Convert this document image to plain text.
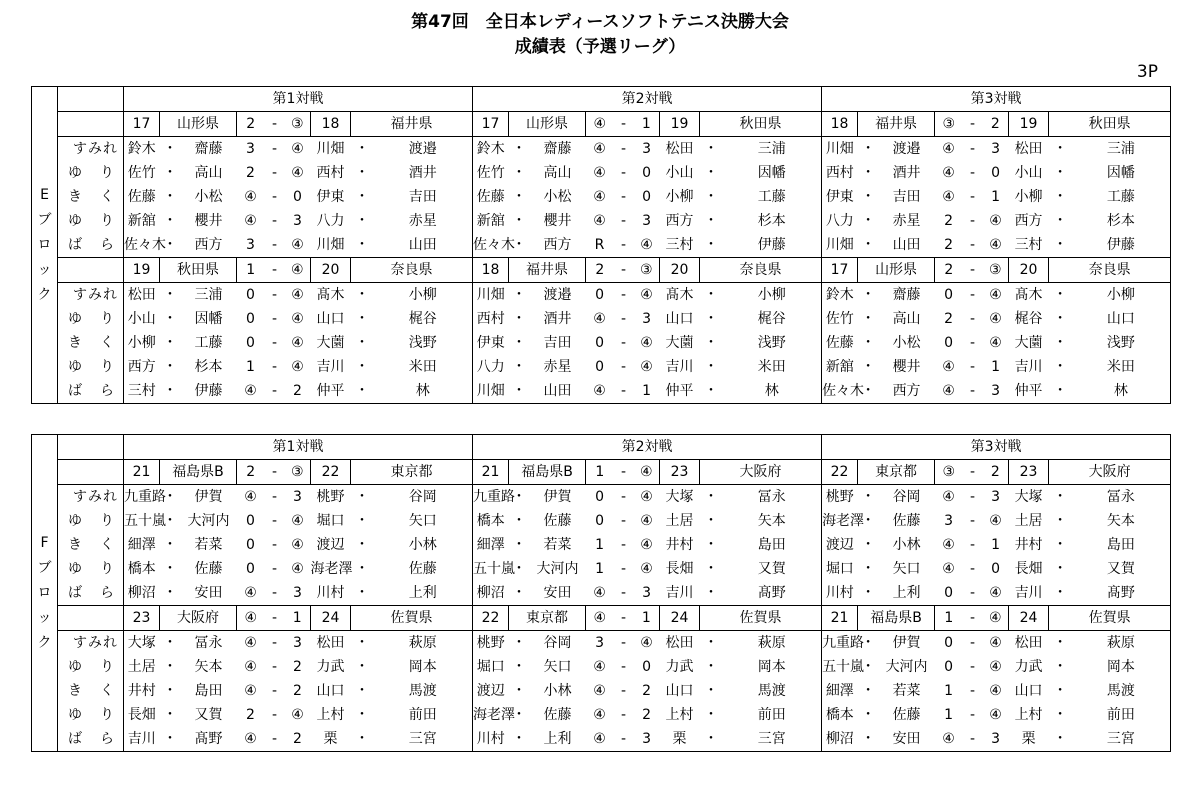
第47回　全日本レディースソフトテニス決勝大会
成績表（予選リーグ）
3P
E
ブ
ロ
ッ
ク		第1対戦									第2対戦									第3対戦								
		17	山形県		2	-	③	18	福井県		17	山形県		④	-	1	19	秋田県		18	福井県		③	-	2	19	秋田県	
	すみれ	鈴木	・	齋藤	3	-	④	川畑	・	渡邉	鈴木	・	齋藤	④	-	3	松田	・	三浦	川畑	・	渡邉	④	-	3	松田	・	三浦
	ゆ り	佐竹	・	高山	2	-	④	西村	・	酒井	佐竹	・	高山	④	-	0	小山	・	因幡	西村	・	酒井	④	-	0	小山	・	因幡
	き く	佐藤	・	小松	④	-	0	伊東	・	吉田	佐藤	・	小松	④	-	0	小柳	・	工藤	伊東	・	吉田	④	-	1	小柳	・	工藤
	ゆ り	新舘	・	櫻井	④	-	3	八力	・	赤星	新舘	・	櫻井	④	-	3	西方	・	杉本	八力	・	赤星	2	-	④	西方	・	杉本
	ば ら	佐々木	・	西方	3	-	④	川畑	・	山田	佐々木	・	西方	R	-	④	三村	・	伊藤	川畑	・	山田	2	-	④	三村	・	伊藤
		19	秋田県		1	-	④	20	奈良県		18	福井県		2	-	③	20	奈良県		17	山形県		2	-	③	20	奈良県	
	すみれ	松田	・	三浦	0	-	④	髙木	・	小柳	川畑	・	渡邉	0	-	④	髙木	・	小柳	鈴木	・	齋藤	0	-	④	髙木	・	小柳
	ゆ り	小山	・	因幡	0	-	④	山口	・	梶谷	西村	・	酒井	④	-	3	山口	・	梶谷	佐竹	・	高山	2	-	④	梶谷	・	山口
	き く	小柳	・	工藤	0	-	④	大薗	・	浅野	伊東	・	吉田	0	-	④	大薗	・	浅野	佐藤	・	小松	0	-	④	大薗	・	浅野
	ゆ り	西方	・	杉本	1	-	④	吉川	・	米田	八力	・	赤星	0	-	④	吉川	・	米田	新舘	・	櫻井	④	-	1	吉川	・	米田
	ば ら	三村	・	伊藤	④	-	2	仲平	・	林	川畑	・	山田	④	-	1	仲平	・	林	佐々木	・	西方	④	-	3	仲平	・	林
F
ブ
ロ
ッ
ク		第1対戦									第2対戦									第3対戦								
		21	福島県B		2	-	③	22	東京都		21	福島県B		1	-	④	23	大阪府		22	東京都		③	-	2	23	大阪府	
	すみれ	九重路	・	伊賀	④	-	3	桃野	・	谷岡	九重路	・	伊賀	0	-	④	大塚	・	冨永	桃野	・	谷岡	④	-	3	大塚	・	冨永
	ゆ り	五十嵐	・	大河内	0	-	④	堀口	・	矢口	橋本	・	佐藤	0	-	④	土居	・	矢本	海老澤	・	佐藤	3	-	④	土居	・	矢本
	き く	細澤	・	若菜	0	-	④	渡辺	・	小林	細澤	・	若菜	1	-	④	井村	・	島田	渡辺	・	小林	④	-	1	井村	・	島田
	ゆ り	橋本	・	佐藤	0	-	④	海老澤	・	佐藤	五十嵐	・	大河内	1	-	④	長畑	・	又賀	堀口	・	矢口	④	-	0	長畑	・	又賀
	ば ら	柳沼	・	安田	④	-	3	川村	・	上利	柳沼	・	安田	④	-	3	吉川	・	髙野	川村	・	上利	0	-	④	吉川	・	髙野
		23	大阪府		④	-	1	24	佐賀県		22	東京都		④	-	1	24	佐賀県		21	福島県B		1	-	④	24	佐賀県	
	すみれ	大塚	・	冨永	④	-	3	松田	・	萩原	桃野	・	谷岡	3	-	④	松田	・	萩原	九重路	・	伊賀	0	-	④	松田	・	萩原
	ゆ り	土居	・	矢本	④	-	2	力武	・	岡本	堀口	・	矢口	④	-	0	力武	・	岡本	五十嵐	・	大河内	0	-	④	力武	・	岡本
	き く	井村	・	島田	④	-	2	山口	・	馬渡	渡辺	・	小林	④	-	2	山口	・	馬渡	細澤	・	若菜	1	-	④	山口	・	馬渡
	ゆ り	長畑	・	又賀	2	-	④	上村	・	前田	海老澤	・	佐藤	④	-	2	上村	・	前田	橋本	・	佐藤	1	-	④	上村	・	前田
	ば ら	吉川	・	髙野	④	-	2	栗	・	三宮	川村	・	上利	④	-	3	栗	・	三宮	柳沼	・	安田	④	-	3	栗	・	三宮
